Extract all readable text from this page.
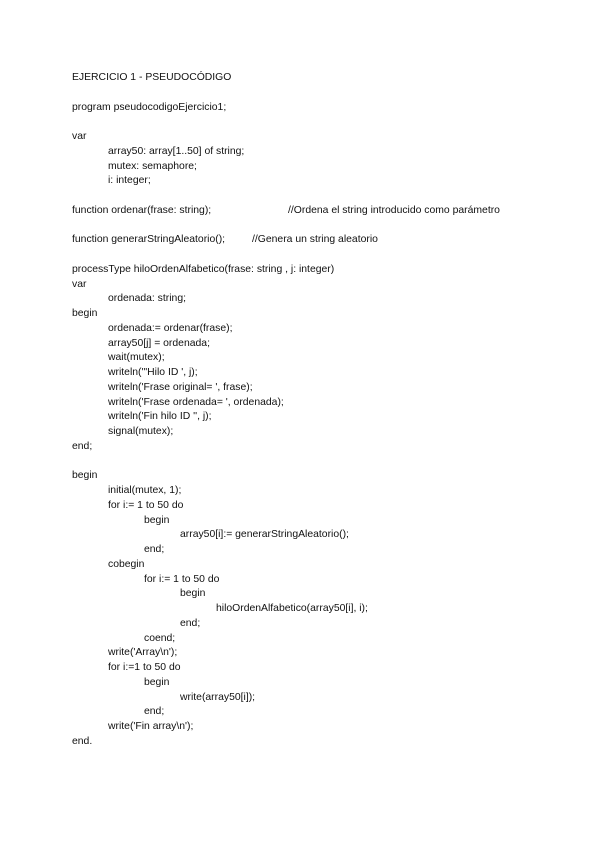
EJERCICIO 1 - PSEUDOCÓDIGO
program pseudocodigoEjercicio1;
var
array50: array[1..50] of string;
mutex: semaphore;
i: integer;
function ordenar(frase: string);	//Ordena el string introducido como parámetro
function generarStringAleatorio();	//Genera un string aleatorio
processType hiloOrdenAlfabetico(frase: string , j: integer)
var
ordenada: string;
begin
ordenada:= ordenar(frase);
array50[j] = ordenada;
wait(mutex);
writeln('"Hilo ID ', j);
writeln('Frase original= ', frase);
writeln('Frase ordenada= ', ordenada);
writeln('Fin hilo ID '', j);
signal(mutex);
end;
begin
initial(mutex, 1);
for i:= 1 to 50 do
begin
array50[i]:= generarStringAleatorio();
end;
cobegin
for i:= 1 to 50 do
begin
hiloOrdenAlfabetico(array50[i], i);
end;
coend;
write('Array\n');
for i:=1 to 50 do
begin
write(array50[i]);
end;
write('Fin array\n');
end.
